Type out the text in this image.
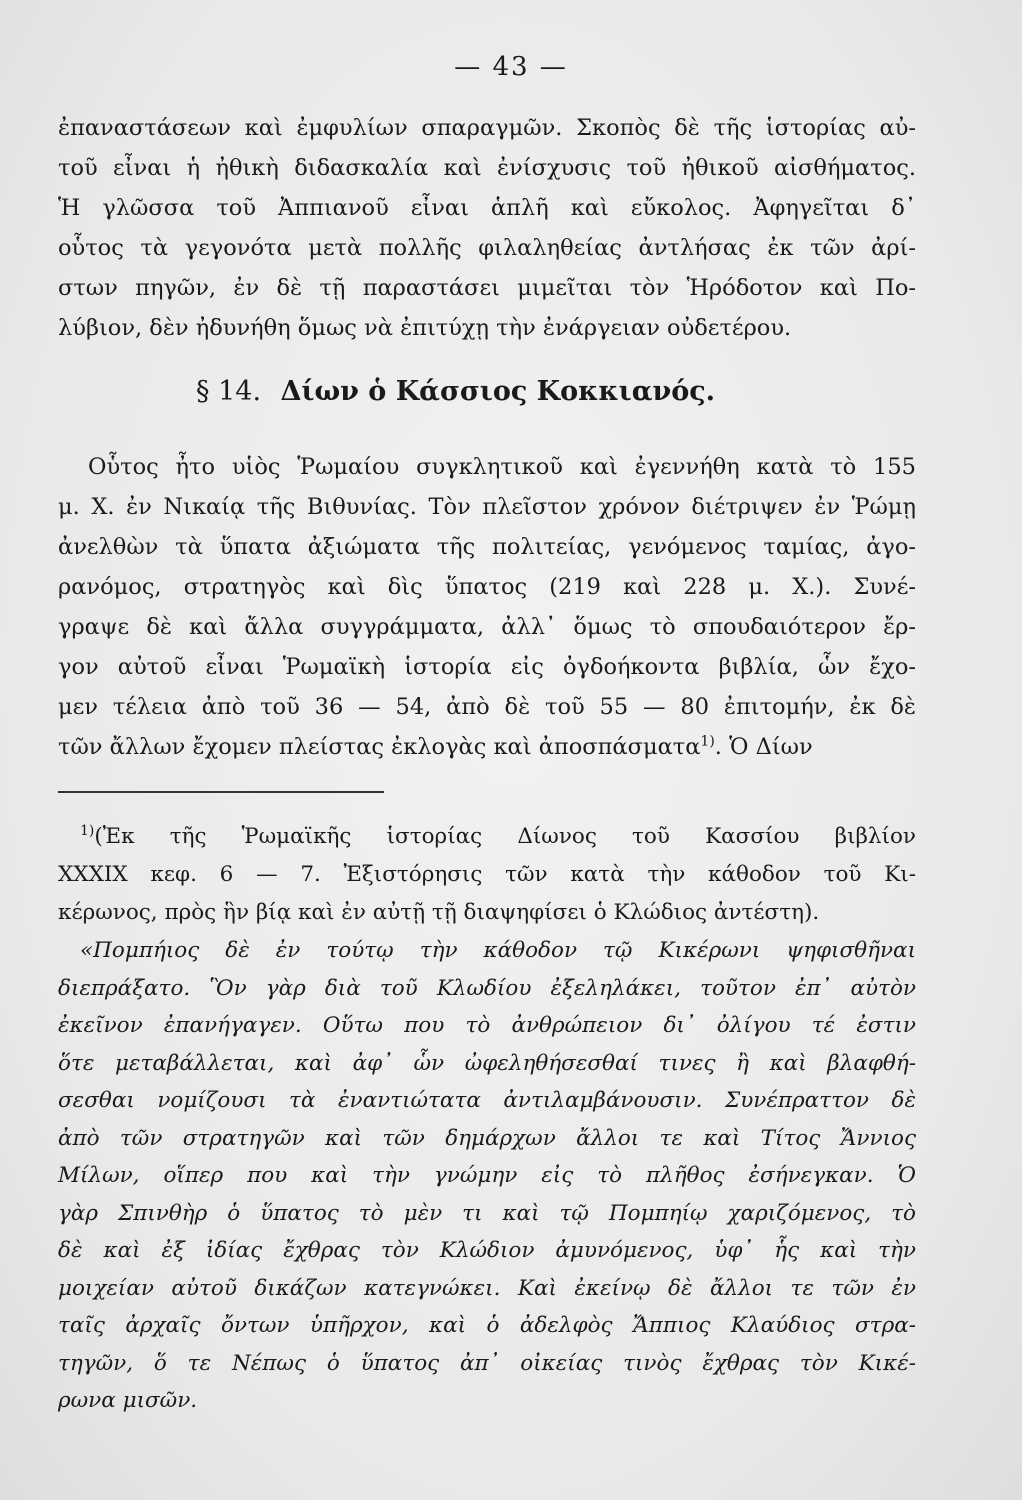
— 43 —
ἐπαναστάσεων καὶ ἐμφυλίων σπαραγμῶν. Σκοπὸς δὲ τῆς ἱστορίας αὐ-
τοῦ εἶναι ἡ ἠθικὴ διδασκαλία καὶ ἐνίσχυσις τοῦ ἠθικοῦ αἰσθήματος.
Ἡ γλῶσσα τοῦ Ἀππιανοῦ εἶναι ἁπλῆ καὶ εὔκολος. Ἀφηγεῖται δ᾽
οὗτος τὰ γεγονότα μετὰ πολλῆς φιλαληθείας ἀντλήσας ἐκ τῶν ἀρί-
στων πηγῶν, ἐν δὲ τῇ παραστάσει μιμεῖται τὸν Ἡρόδοτον καὶ Πο-
λύβιον, δὲν ἠδυνήθη ὅμως νὰ ἐπιτύχῃ τὴν ἐνάργειαν οὐδετέρου.
§ 14. Δίων ὁ Κάσσιος Κοκκιανός.
Οὗτος ἦτο υἱὸς Ῥωμαίου συγκλητικοῦ καὶ ἐγεννήθη κατὰ τὸ 155
μ. Χ. ἐν Νικαίᾳ τῆς Βιθυνίας. Τὸν πλεῖστον χρόνον διέτριψεν ἐν Ῥώμῃ
ἀνελθὼν τὰ ὕπατα ἀξιώματα τῆς πολιτείας, γενόμενος ταμίας, ἀγο-
ρανόμος, στρατηγὸς καὶ δὶς ὕπατος (219 καὶ 228 μ. Χ.). Συνέ-
γραψε δὲ καὶ ἄλλα συγγράμματα, ἀλλ᾽ ὅμως τὸ σπουδαιότερον ἔρ-
γον αὐτοῦ εἶναι Ῥωμαϊκὴ ἱστορία εἰς ὀγδοήκοντα βιβλία, ὧν ἔχο-
μεν τέλεια ἀπὸ τοῦ 36 — 54, ἀπὸ δὲ τοῦ 55 — 80 ἐπιτομήν, ἐκ δὲ
τῶν ἄλλων ἔχομεν πλείστας ἐκλογὰς καὶ ἀποσπάσματα$^{1)}$. Ὁ Δίων
$^{1)}$(Ἐκ τῆς Ῥωμαϊκῆς ἱστορίας Δίωνος τοῦ Κασσίου βιβλίον
XXXIX κεφ. 6 — 7. Ἐξιστόρησις τῶν κατὰ τὴν κάθοδον τοῦ Κι-
κέρωνος, πρὸς ἣν βίᾳ καὶ ἐν αὐτῇ τῇ διαψηφίσει ὁ Κλώδιος ἀντέστη).
«Πομπήιος δὲ ἐν τούτῳ τὴν κάθοδον τῷ Κικέρωνι ψηφισθῆναι
διεπράξατο. Ὃν γὰρ διὰ τοῦ Κλωδίου ἐξεληλάκει, τοῦτον ἐπ᾽ αὐτὸν
ἐκεῖνον ἐπανήγαγεν. Οὕτω που τὸ ἀνθρώπειον δι᾽ ὀλίγου τέ ἐστιν
ὅτε μεταβάλλεται, καὶ ἀφ᾽ ὧν ὠφεληθήσεσθαί τινες ἢ καὶ βλαφθή-
σεσθαι νομίζουσι τὰ ἐναντιώτατα ἀντιλαμβάνουσιν. Συνέπραττον δὲ
ἀπὸ τῶν στρατηγῶν καὶ τῶν δημάρχων ἄλλοι τε καὶ Τίτος Ἄννιος
Μίλων, οἵπερ που καὶ τὴν γνώμην εἰς τὸ πλῆθος ἐσήνεγκαν. Ὁ
γὰρ Σπινθὴρ ὁ ὕπατος τὸ μὲν τι καὶ τῷ Πομπηίῳ χαριζόμενος, τὸ
δὲ καὶ ἐξ ἰδίας ἔχθρας τὸν Κλώδιον ἀμυνόμενος, ὑφ᾽ ἧς καὶ τὴν
μοιχείαν αὐτοῦ δικάζων κατεγνώκει. Καὶ ἐκείνῳ δὲ ἄλλοι τε τῶν ἐν
ταῖς ἀρχαῖς ὄντων ὑπῆρχον, καὶ ὁ ἀδελφὸς Ἄππιος Κλαύδιος στρα-
τηγῶν, ὅ τε Νέπως ὁ ὕπατος ἀπ᾽ οἰκείας τινὸς ἔχθρας τὸν Κικέ-
ρωνα μισῶν.
